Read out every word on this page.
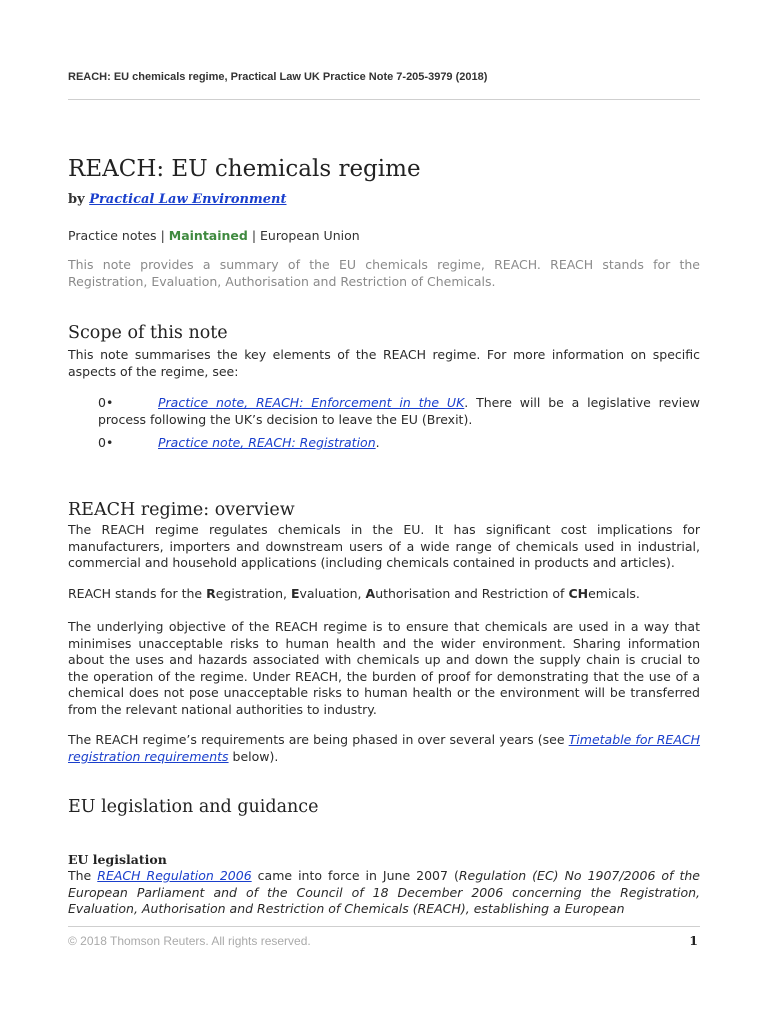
REACH: EU chemicals regime, Practical Law UK Practice Note 7-205-3979 (2018)
REACH: EU chemicals regime
by Practical Law Environment
Practice notes | Maintained | European Union

This note provides a summary of the EU chemicals regime, REACH. REACH stands for the Registration, Evaluation, Authorisation and Restriction of Chemicals.

Scope of this note

This note summarises the key elements of the REACH regime. For more information on specific aspects of the regime, see:

0•	Practice note, REACH: Enforcement in the UK. There will be a legislative review process following the UK’s decision to leave the EU (Brexit).

0•	Practice note, REACH: Registration.

REACH regime: overview

The REACH regime regulates chemicals in the EU. It has significant cost implications for manufacturers, importers and downstream users of a wide range of chemicals used in industrial, commercial and household applications (including chemicals contained in products and articles).

REACH stands for the Registration, Evaluation, Authorisation and Restriction of CHemicals.

The underlying objective of the REACH regime is to ensure that chemicals are used in a way that minimises unacceptable risks to human health and the wider environment. Sharing information about the uses and hazards associated with chemicals up and down the supply chain is crucial to the operation of the regime. Under REACH, the burden of proof for demonstrating that the use of a chemical does not pose unacceptable risks to human health or the environment will be transferred from the relevant national authorities to industry.

The REACH regime’s requirements are being phased in over several years (see Timetable for REACH registration requirements below).

EU legislation and guidance
EU legislation

The REACH Regulation 2006 came into force in June 2007 (Regulation (EC) No 1907/2006 of the European Parliament and of the Council of 18 December 2006 concerning the Registration, Evaluation, Authorisation and Restriction of Chemicals (REACH), establishing a European

© 2018 Thomson Reuters. All rights reserved.	1
